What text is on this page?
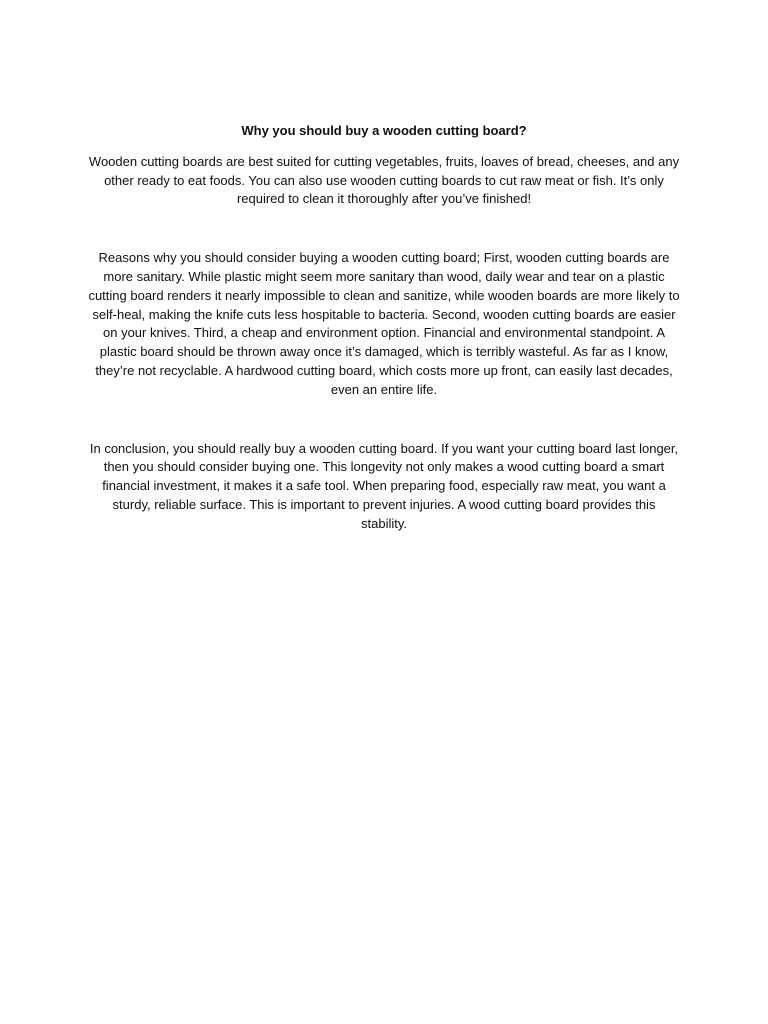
Why you should buy a wooden cutting board?

Wooden cutting boards are best suited for cutting vegetables, fruits, loaves of bread, cheeses, and any other ready to eat foods. You can also use wooden cutting boards to cut raw meat or fish. It’s only required to clean it thoroughly after you’ve finished!

Reasons why you should consider buying a wooden cutting board; First, wooden cutting boards are more sanitary. While plastic might seem more sanitary than wood, daily wear and tear on a plastic cutting board renders it nearly impossible to clean and sanitize, while wooden boards are more likely to self-heal, making the knife cuts less hospitable to bacteria. Second, wooden cutting boards are easier on your knives. Third, a cheap and environment option. Financial and environmental standpoint. A plastic board should be thrown away once it’s damaged, which is terribly wasteful. As far as I know, they’re not recyclable. A hardwood cutting board, which costs more up front, can easily last decades, even an entire life.

In conclusion, you should really buy a wooden cutting board. If you want your cutting board last longer, then you should consider buying one. This longevity not only makes a wood cutting board a smart financial investment, it makes it a safe tool. When preparing food, especially raw meat, you want a sturdy, reliable surface. This is important to prevent injuries. A wood cutting board provides this stability.
